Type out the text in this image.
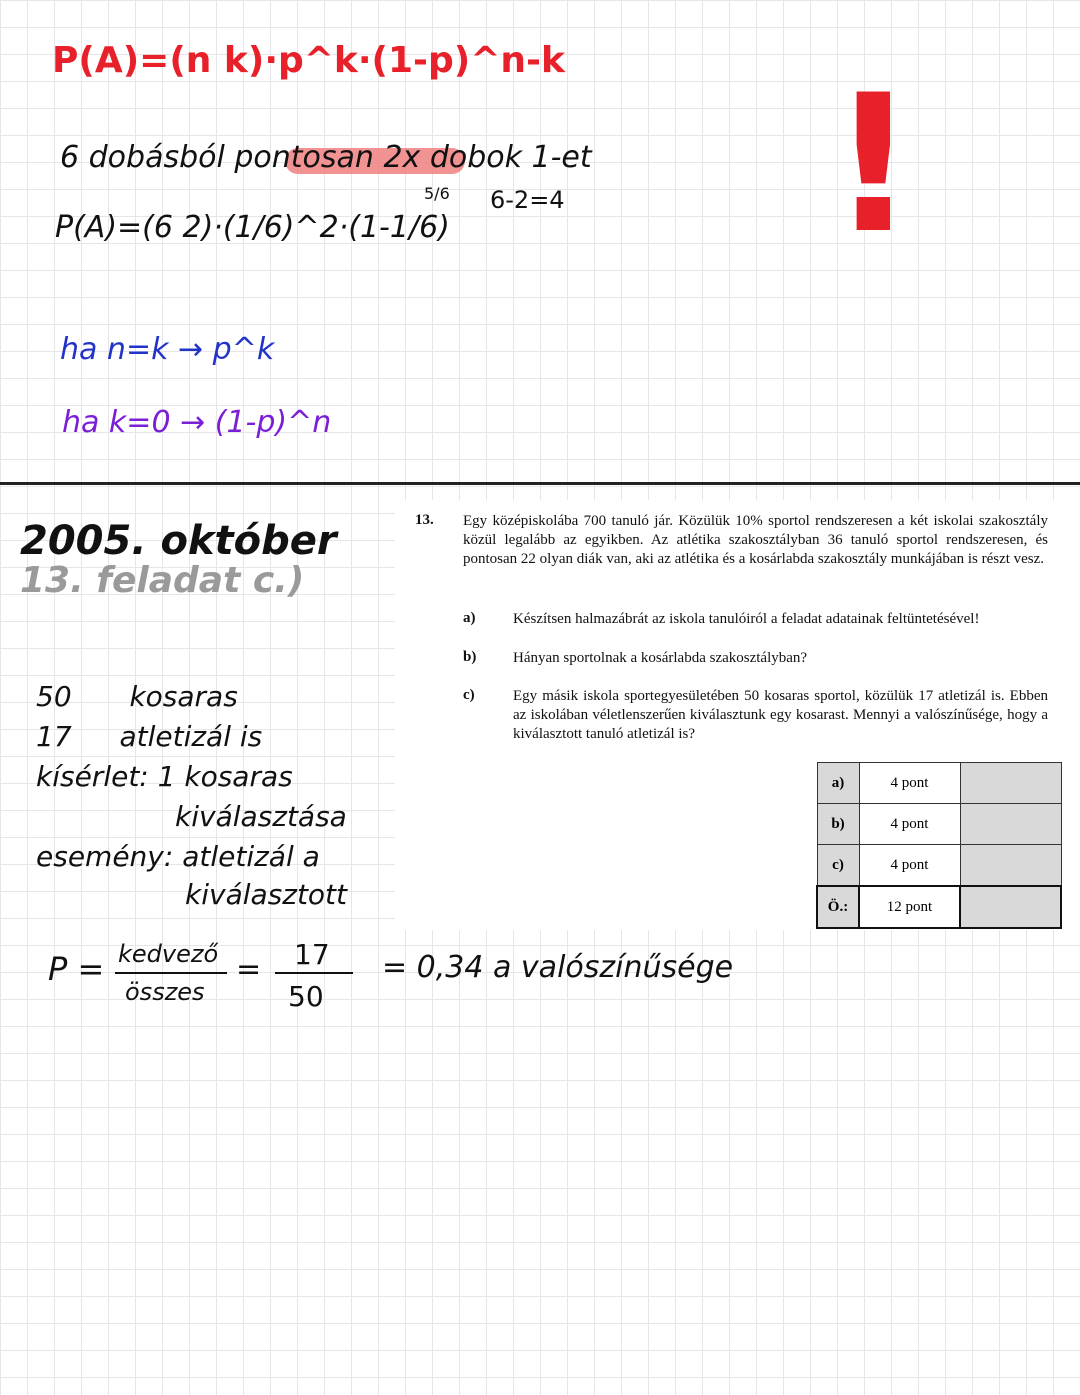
P(A)=(n k)·p^k·(1-p)^n-k
6 dobásból pontosan 2x dobok 1-et
P(A)=(6 2)·(1/6)^2·(1-1/6)
5/6 6-2=4 !
ha n=k → p^k
ha k=0 → (1-p)^n
2005. október
13. feladat c.)
50 kosaras
17 atletizál is
kísérlet: 1 kosaras
kiválasztása
esemény: atletizál a
kiválasztott
P = kedvező
összes
= 17
50
= 0,34 a valószínűsége
13. Egy középiskolába 700 tanuló jár. Közülük 10% sportol rendszeresen a két iskolai szakosztály közül legalább az egyikben. Az atlétika szakosztályban 36 tanuló sportol rendszeresen, és pontosan 22 olyan diák van, aki az atlétika és a kosárlabda szakosztály munkájában is részt vesz.
a)	Készítsen halmazábrát az iskola tanulóiról a feladat adatainak feltüntetésével!
b) Hányan sportolnak a kosárlabda szakosztályban?
c)	Egy másik iskola sportegyesületében 50 kosaras sportol, közülük 17 atletizál is. Ebben az iskolában véletlenszerűen kiválasztunk egy kosarast. Mennyi a valószínűsége, hogy a kiválasztott tanuló atletizál is?
a)	4 pont	
b)	4 pont	
c)	4 pont	
Ö.:	12 pont	
